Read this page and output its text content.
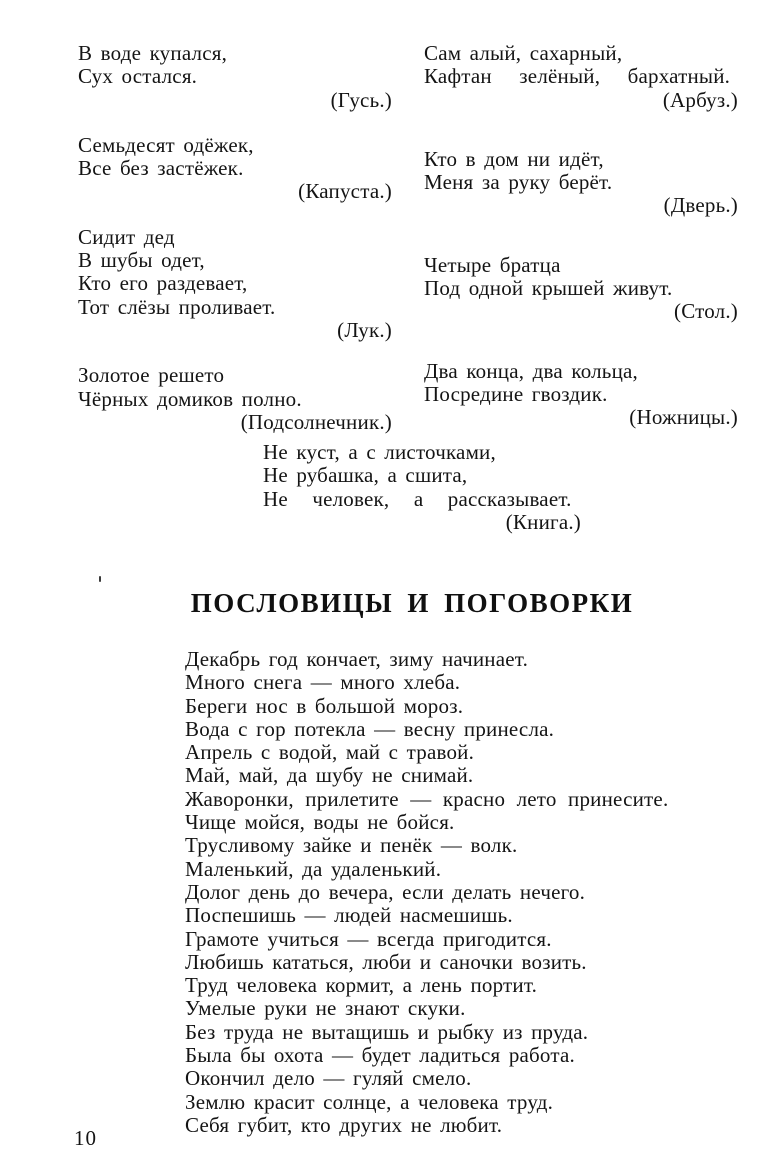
В воде купался,
Сух остался.
(Гусь.)
Семьдесят одёжек,
Все без застёжек.
(Капуста.)
Сидит дед
В шубы одет,
Кто его раздевает,
Тот слёзы проливает.
(Лук.)
Золотое решето
Чёрных домиков полно.
(Подсолнечник.)
Сам алый, сахарный,
Кафтан зелёный, бархатный.
(Арбуз.)
Кто в дом ни идёт,
Меня за руку берёт.
(Дверь.)
Четыре братца
Под одной крышей живут.
(Стол.)
Два конца, два кольца,
Посредине гвоздик.
(Ножницы.)
Не куст, а с листочками,
Не рубашка, а сшита,
Не человек, а рассказывает.
(Книга.)
ПОСЛОВИЦЫ И ПОГОВОРКИ
Декабрь год кончает, зиму начинает.
Много снега — много хлеба.
Береги нос в большой мороз.
Вода с гор потекла — весну принесла.
Апрель с водой, май с травой.
Май, май, да шубу не снимай.
Жаворонки, прилетите — красно лето принесите.
Чище мойся, воды не бойся.
Трусливому зайке и пенёк — волк.
Маленький, да удаленький.
Долог день до вечера, если делать нечего.
Поспешишь — людей насмешишь.
Грамоте учиться — всегда пригодится.
Любишь кататься, люби и саночки возить.
Труд человека кормит, а лень портит.
Умелые руки не знают скуки.
Без труда не вытащишь и рыбку из пруда.
Была бы охота — будет ладиться работа.
Окончил дело — гуляй смело.
Землю красит солнце, а человека труд.
Себя губит, кто других не любит.
10
